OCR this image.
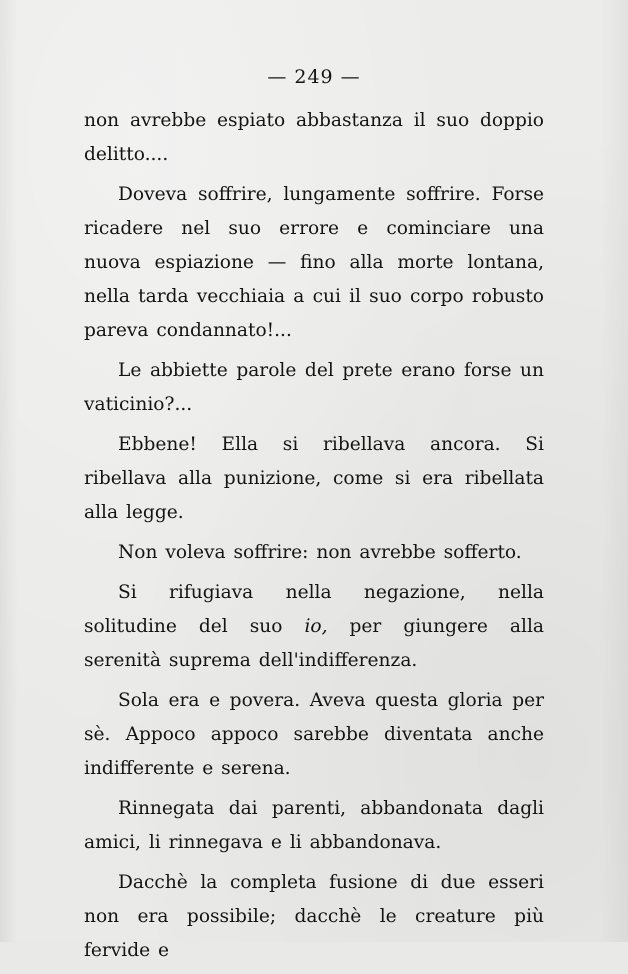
— 249 —

non avrebbe espiato abbastanza il suo doppio delitto....

Doveva soffrire, lungamente soffrire. Forse ricadere nel suo errore e cominciare una nuova espiazione — fino alla morte lontana, nella tarda vecchiaia a cui il suo corpo robusto pareva condannato!...

Le abbiette parole del prete erano forse un vaticinio?...

Ebbene! Ella si ribellava ancora. Si ribellava alla punizione, come si era ribellata alla legge.

Non voleva soffrire: non avrebbe sofferto.

Si rifugiava nella negazione, nella solitudine del suo io, per giungere alla serenità suprema dell'indifferenza.

Sola era e povera. Aveva questa gloria per sè. Appoco appoco sarebbe diventata anche indifferente e serena.

Rinnegata dai parenti, abbandonata dagli amici, li rinnegava e li abbandonava.

Dacchè la completa fusione di due esseri non era possibile; dacchè le creature più fervide e
